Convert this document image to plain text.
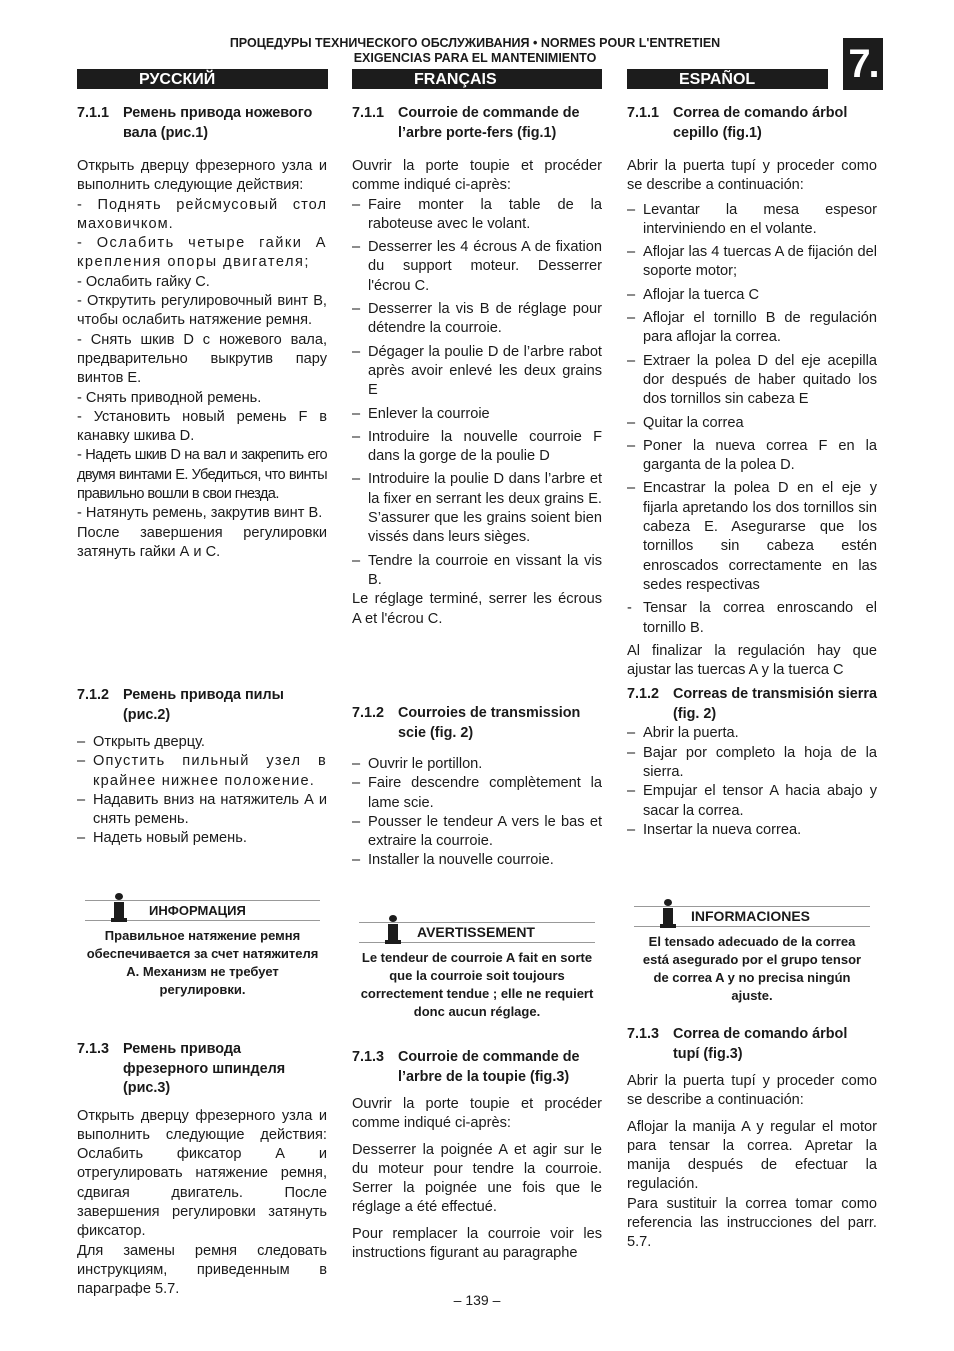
ПРОЦЕДУРЫ ТЕХНИЧЕСКОГО ОБСЛУЖИВАНИЯ • NORMES POUR L'ENTRETIEN
EXIGENCIAS PARA EL MANTENIMIENTO	7.
РУССКИЙ	FRANÇAIS	ESPAÑOL
7.1.1 Ремень привода ножевого вала (рис.1)

Открыть дверцу фрезерного узла и выполнить следующие действия:

- Поднять рейсмусовый стол маховичком.

- Ослабить четыре гайки А крепления опоры двигателя;

- Ослабить гайку С.

- Открутить регулировочный винт В, чтобы ослабить натяжение ремня.

- Снять шкив D с ножевого вала, предварительно выкрутив пару винтов E.

- Снять приводной ремень.

- Установить новый ремень F в канавку шкива D.

- Надеть шкив D на вал и закрепить его двумя винтами E. Убедиться, что винты правильно вошли в свои гнезда.

- Натянуть ремень, закрутив винт В.

После завершения регулировки затянуть гайки А и С.

7.1.2 Ремень привода пилы (рис.2)
– Открыть дверцу.
– Опустить пильный узел в крайнее нижнее положение.
– Надавить вниз на натяжитель А и снять ремень.
– Надеть новый ремень.
ИНФОРМАЦИЯ
Правильное натяжение ремня обеспечивается за счет натяжителя A. Механизм не требует регулировки.
7.1.3 Ремень привода фрезерного шпинделя (рис.3)

Открыть дверцу фрезерного узла и выполнить следующие действия: Ослабить фиксатор А и отрегулировать натяжение ремня, сдвигая двигатель. После завершения регулировки затянуть фиксатор.

Для замены ремня следовать инструкциям, приведенным в параграфе 5.7.

7.1.1 Courroie de commande de l’arbre porte-fers (fig.1)

Ouvrir la porte toupie et procéder comme indiqué ci-après:

– Faire monter la table de la raboteuse avec le volant.
– Desserrer les 4 écrous A de fixation du support moteur. Desserrer l'écrou C.
– Desserrer la vis B de réglage pour détendre la courroie.
– Dégager la poulie D de l’arbre rabot après avoir enlevé les deux grains E
– Enlever la courroie
– Introduire la nouvelle courroie F dans la gorge de la poulie D
– Introduire la poulie D dans l’arbre et la fixer en serrant les deux grains E. S’assurer que les grains soient bien vissés dans leurs sièges.
– Tendre la courroie en vissant la vis B.

Le réglage terminé, serrer les écrous A et l'écrou C.

7.1.2 Courroies de transmission scie (fig. 2)
– Ouvrir le portillon.
– Faire descendre complètement la lame scie.
– Pousser le tendeur A vers le bas et extraire la courroie.
– Installer la nouvelle courroie.
AVERTISSEMENT
Le tendeur de courroie A fait en sorte que la courroie soit toujours correctement tendue ; elle ne requiert donc aucun réglage.
7.1.3 Courroie de commande de l’arbre de la toupie (fig.3)

Ouvrir la porte toupie et procéder comme indiqué ci-après:

Desserrer la poignée A et agir sur le du moteur pour tendre la courroie. Serrer la poignée une fois que le réglage a été effectué.

Pour remplacer la courroie voir les instructions figurant au paragraphe

7.1.1 Correa de comando árbol cepillo (fig.1)

Abrir la puerta tupí y proceder como se describe a continuación:

– Levantar la mesa espesor interviniendo en el volante.
– Aflojar las 4 tuercas A de fijación del soporte motor;
– Aflojar la tuerca C
– Aflojar el tornillo B de regulación para aflojar la correa.
– Extraer la polea D del eje acepilla dor después de haber quitado los dos tornillos sin cabeza E
– Quitar la correa
– Poner la nueva correa F en la garganta de la polea D.
– Encastrar la polea D en el eje y fijarla apretando los dos tornillos sin cabeza E. Asegurarse que los tornillos sin cabeza estén enroscados correctamente en las sedes respectivas
- Tensar la correa enroscando el tornillo B.

Al finalizar la regulación hay que ajustar las tuercas A y la tuerca C

7.1.2 Correas de transmisión sierra (fig. 2)
– Abrir la puerta.
– Bajar por completo la hoja de la sierra.
– Empujar el tensor A hacia abajo y sacar la correa.
– Insertar la nueva correa.
INFORMACIONES
El tensado adecuado de la correa está asegurado por el grupo tensor de correa A y no precisa ningún ajuste.
7.1.3 Correa de comando árbol tupí (fig.3)

Abrir la puerta tupí y proceder como se describe a continuación:

Aflojar la manija A y regular el motor para tensar la correa. Apretar la manija después de efectuar la regulación.

Para sustituir la correa tomar como referencia las instrucciones del parr. 5.7.

– 139 –
